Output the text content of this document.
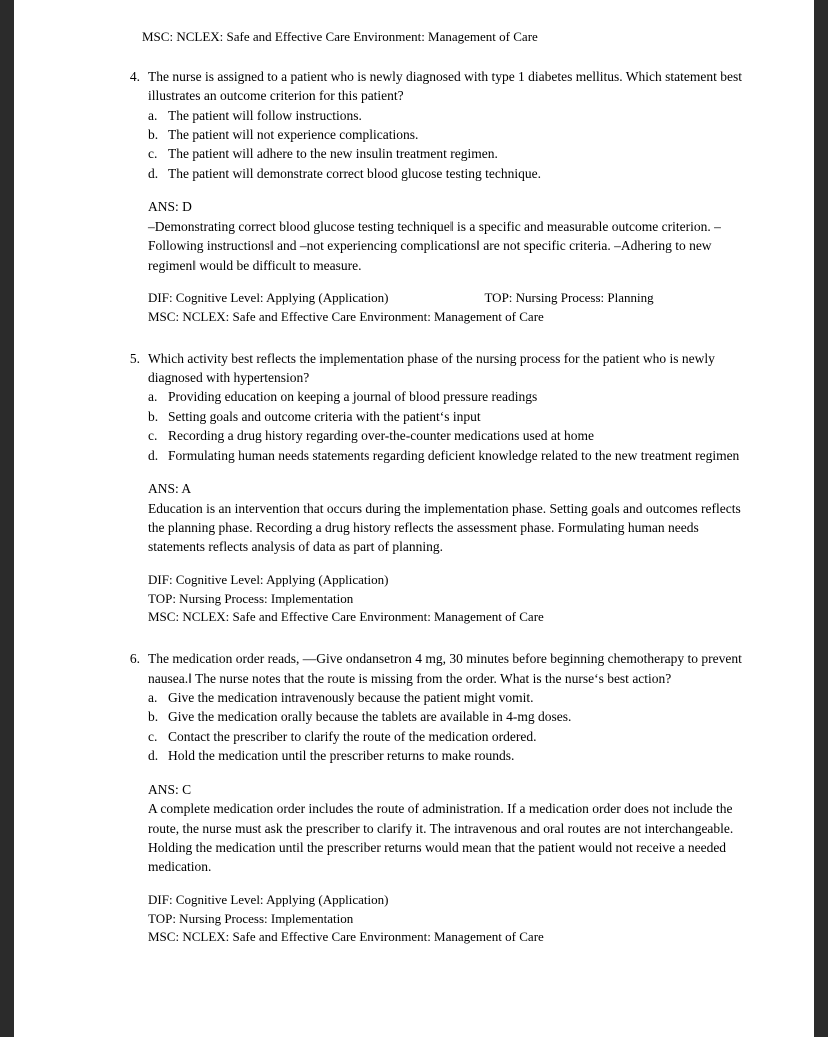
MSC: NCLEX: Safe and Effective Care Environment: Management of Care
4. The nurse is assigned to a patient who is newly diagnosed with type 1 diabetes mellitus. Which statement best illustrates an outcome criterion for this patient?
a. The patient will follow instructions.
b. The patient will not experience complications.
c. The patient will adhere to the new insulin treatment regimen.
d. The patient will demonstrate correct blood glucose testing technique.
ANS: D
–Demonstrating correct blood glucose testing technique‖ is a specific and measurable outcome criterion. –Following instructions‖ and –not experiencing complications‖ are not specific criteria. –Adhering to new regimen‖ would be difficult to measure.
DIF: Cognitive Level: Applying (Application)	TOP: Nursing Process: Planning
MSC: NCLEX: Safe and Effective Care Environment: Management of Care
5. Which activity best reflects the implementation phase of the nursing process for the patient who is newly diagnosed with hypertension?
a. Providing education on keeping a journal of blood pressure readings
b. Setting goals and outcome criteria with the patient‘s input
c. Recording a drug history regarding over-the-counter medications used at home
d. Formulating human needs statements regarding deficient knowledge related to the new treatment regimen
ANS: A
Education is an intervention that occurs during the implementation phase. Setting goals and outcomes reflects the planning phase. Recording a drug history reflects the assessment phase. Formulating human needs statements reflects analysis of data as part of planning.
DIF: Cognitive Level: Applying (Application)
TOP: Nursing Process: Implementation
MSC: NCLEX: Safe and Effective Care Environment: Management of Care
6. The medication order reads, ―Give ondansetron 4 mg, 30 minutes before beginning chemotherapy to prevent nausea.‖ The nurse notes that the route is missing from the order. What is the nurse‘s best action?
a. Give the medication intravenously because the patient might vomit.
b. Give the medication orally because the tablets are available in 4-mg doses.
c. Contact the prescriber to clarify the route of the medication ordered.
d. Hold the medication until the prescriber returns to make rounds.
ANS: C
A complete medication order includes the route of administration. If a medication order does not include the route, the nurse must ask the prescriber to clarify it. The intravenous and oral routes are not interchangeable. Holding the medication until the prescriber returns would mean that the patient would not receive a needed medication.
DIF: Cognitive Level: Applying (Application)
TOP: Nursing Process: Implementation
MSC: NCLEX: Safe and Effective Care Environment: Management of Care
